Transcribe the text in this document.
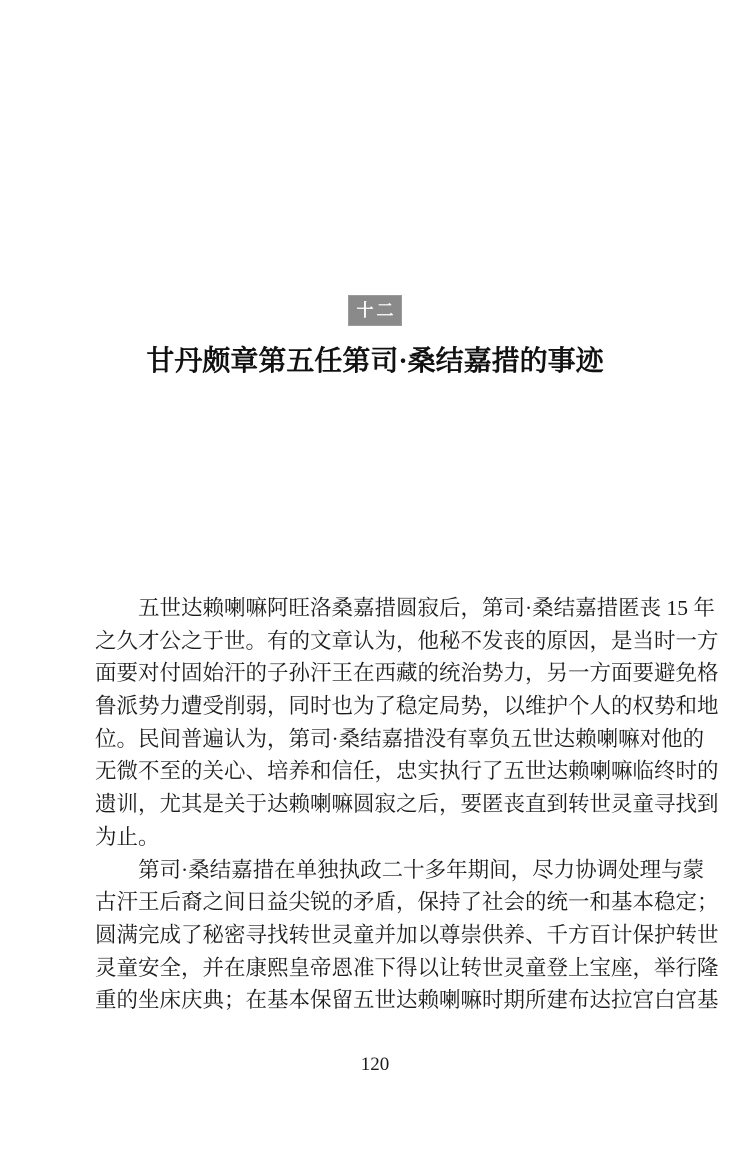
十二
甘丹颇章第五任第司·桑结嘉措的事迹
五世达赖喇嘛阿旺洛桑嘉措圆寂后，第司·桑结嘉措匿丧 15 年
之久才公之于世。有的文章认为，他秘不发丧的原因，是当时一方
面要对付固始汗的子孙汗王在西藏的统治势力，另一方面要避免格
鲁派势力遭受削弱，同时也为了稳定局势，以维护个人的权势和地
位。民间普遍认为，第司·桑结嘉措没有辜负五世达赖喇嘛对他的
无微不至的关心、培养和信任，忠实执行了五世达赖喇嘛临终时的
遗训，尤其是关于达赖喇嘛圆寂之后，要匿丧直到转世灵童寻找到
为止。
第司·桑结嘉措在单独执政二十多年期间，尽力协调处理与蒙
古汗王后裔之间日益尖锐的矛盾，保持了社会的统一和基本稳定；
圆满完成了秘密寻找转世灵童并加以尊崇供养、千方百计保护转世
灵童安全，并在康熙皇帝恩准下得以让转世灵童登上宝座，举行隆
重的坐床庆典；在基本保留五世达赖喇嘛时期所建布达拉宫白宫基
120
